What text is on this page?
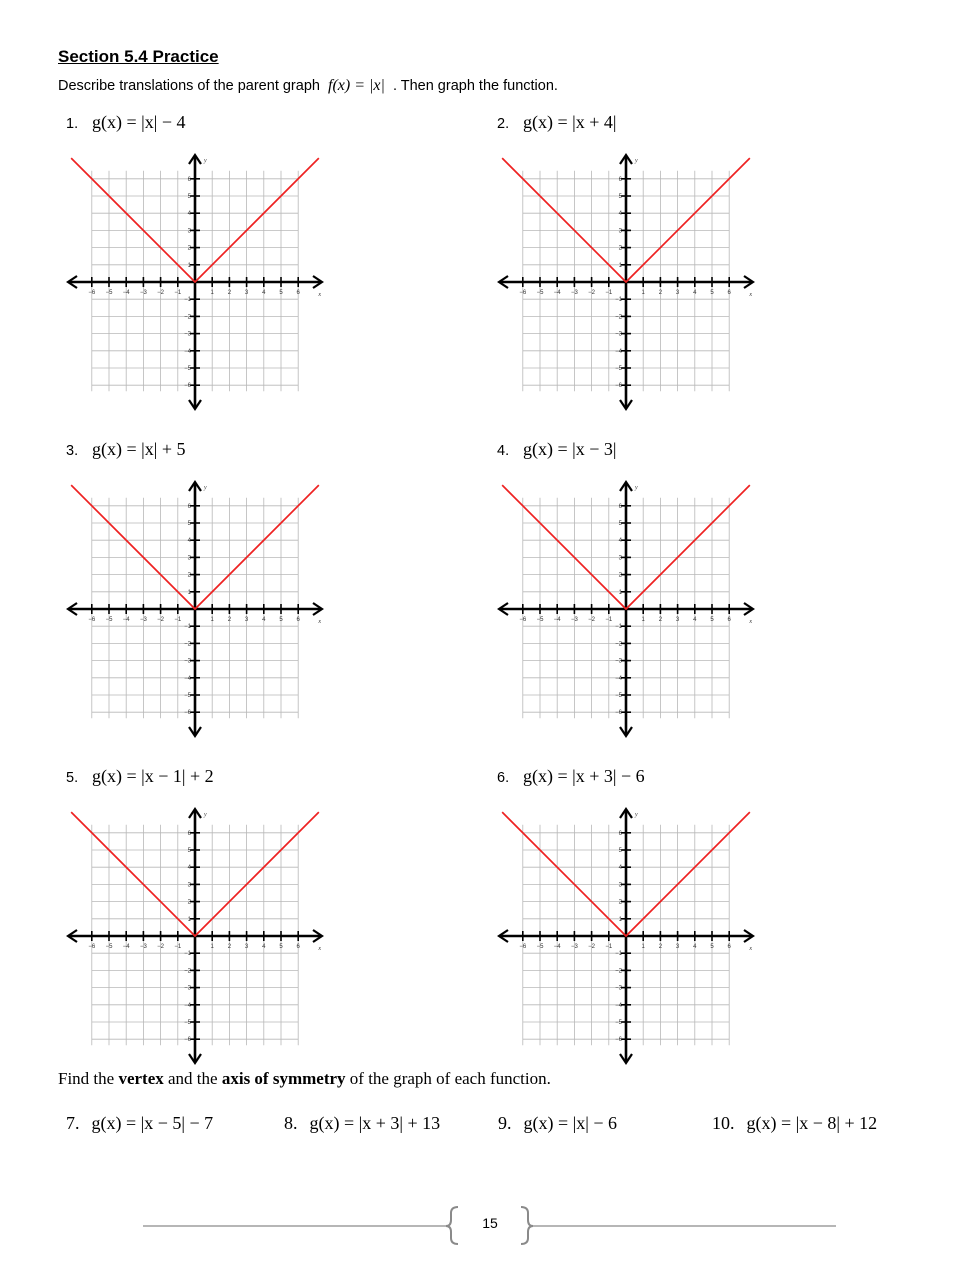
Section 5.4 Practice
Describe translations of the parent graph f(x) = |x| . Then graph the function.
1. g(x) = |x| − 4	2. g(x) = |x + 4|
3. g(x) = |x| + 5	4. g(x) = |x − 3|
5. g(x) = |x − 1| + 2	6. g(x) = |x + 3| − 6
−6 −5 −4 −3 −2 −1	1 2 3 4 5 6
6
5
4
3
2
1
−1
−2
−3
−4
−5
−6
x
y
−6 −5 −4 −3 −2 −1	1 2 3 4 5 6
6
5
4
3
2
1
−1
−2
−3
−4
−5
−6
x
y
−6 −5 −4 −3 −2 −1	1 2 3 4 5 6
6
5
4
3
2
1
−1
−2
−3
−4
−5
−6
x
y
−6 −5 −4 −3 −2 −1	1 2 3 4 5 6
6
5
4
3
2
1
−1
−2
−3
−4
−5
−6
x
y
−6 −5 −4 −3 −2 −1	1 2 3 4 5 6
6
5
4
3
2
1
−1
−2
−3
−4
−5
−6
x
y
−6 −5 −4 −3 −2 −1	1 2 3 4 5 6
6
5
4
3
2
1
−1
−2
−3
−4
−5
−6
x
y
Find the vertex and the axis of symmetry of the graph of each function.
7. g(x) = |x − 5| − 7	8. g(x) = |x + 3| + 13	9. g(x) = |x| − 6	10. g(x) = |x − 8| + 12
15
